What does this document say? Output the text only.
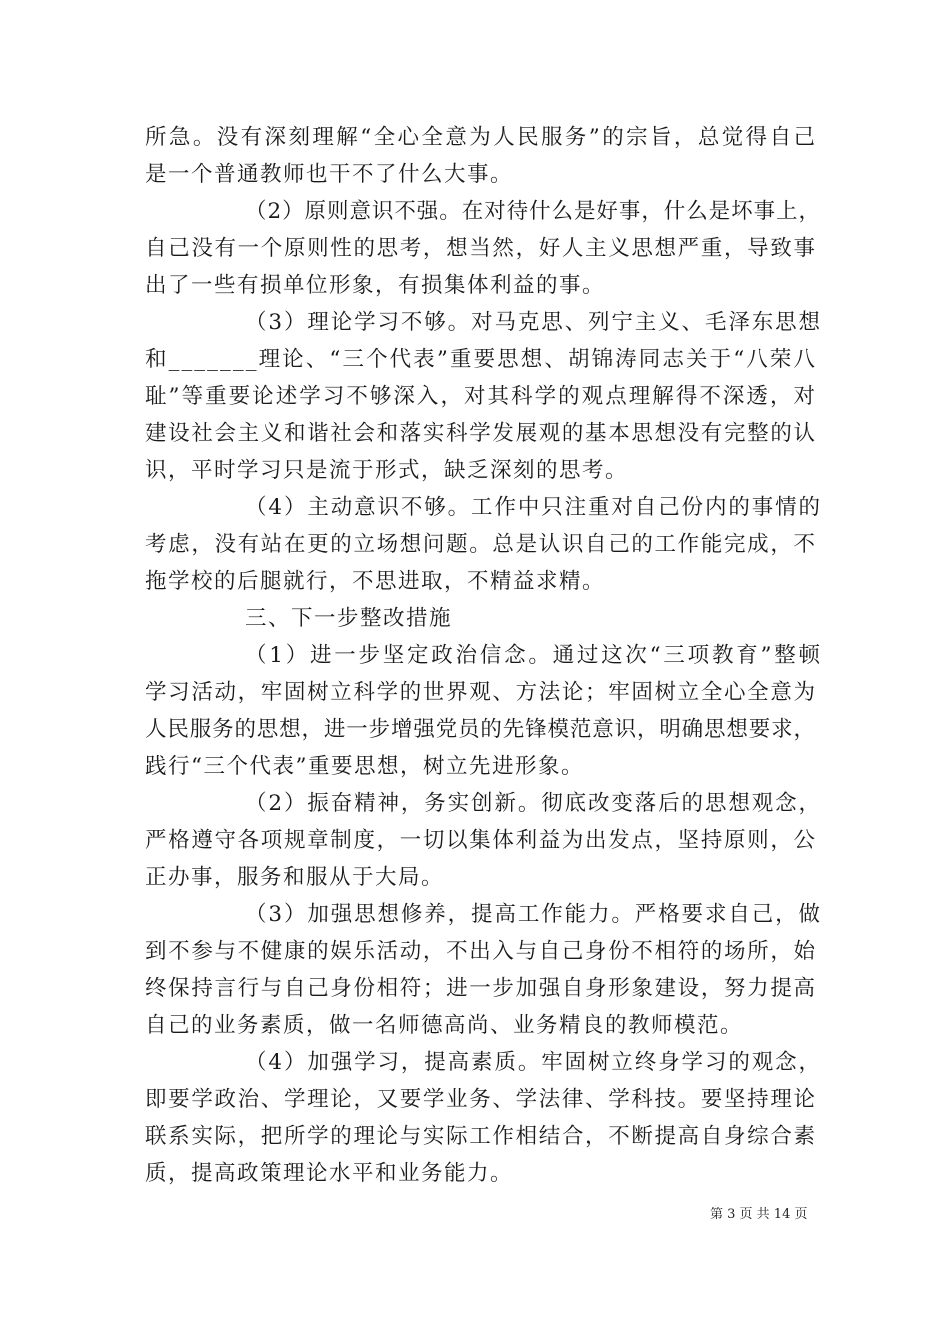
所急。没有深刻理解“全心全意为人民服务”的宗旨，总觉得自己

是一个普通教师也干不了什么大事。

（2）原则意识不强。在对待什么是好事，什么是坏事上，

自己没有一个原则性的思考，想当然，好人主义思想严重，导致事

出了一些有损单位形象，有损集体利益的事。

（3）理论学习不够。对马克思、列宁主义、毛泽东思想

和_______理论、“三个代表”重要思想、胡锦涛同志关于“八荣八

耻”等重要论述学习不够深入，对其科学的观点理解得不深透，对

建设社会主义和谐社会和落实科学发展观的基本思想没有完整的认

识，平时学习只是流于形式，缺乏深刻的思考。

（4）主动意识不够。工作中只注重对自己份内的事情的

考虑，没有站在更的立场想问题。总是认识自己的工作能完成，不

拖学校的后腿就行，不思进取，不精益求精。

三、下一步整改措施

（1）进一步坚定政治信念。通过这次“三项教育”整顿

学习活动，牢固树立科学的世界观、方法论；牢固树立全心全意为

人民服务的思想，进一步增强党员的先锋模范意识，明确思想要求，

践行“三个代表”重要思想，树立先进形象。

（2）振奋精神，务实创新。彻底改变落后的思想观念，

严格遵守各项规章制度，一切以集体利益为出发点，坚持原则，公

正办事，服务和服从于大局。

（3）加强思想修养，提高工作能力。严格要求自己，做

到不参与不健康的娱乐活动，不出入与自己身份不相符的场所，始

终保持言行与自己身份相符；进一步加强自身形象建设，努力提高

自己的业务素质，做一名师德高尚、业务精良的教师模范。

（4）加强学习，提高素质。牢固树立终身学习的观念，

即要学政治、学理论，又要学业务、学法律、学科技。要坚持理论

联系实际，把所学的理论与实际工作相结合，不断提高自身综合素

质，提高政策理论水平和业务能力。

第 3 页 共 14 页
